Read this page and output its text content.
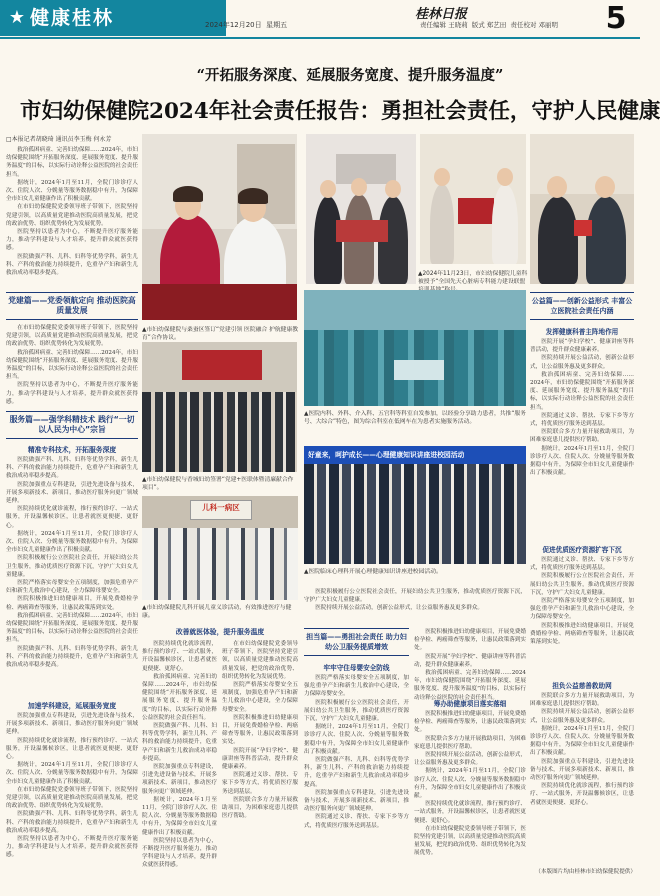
★ 健康桂林	2024年12月20日 星期五
桂林日报
责任编辑 王晓莉 版式 郑艺田 责任校对 邓丽明 5
“开拓服务深度、延展服务宽度、提升服务温度”
市妇幼保健院2024年社会责任报告：勇担社会责任，守护人民健康
▲市妇幼保健院与桑蚕区签订“党建引领 医院融合 护航健康教育”合作协议。
▲2024年11月23日，市妇幼保健院儿童科被授予“全国先天心脏病专科能力建设联盟
□本报记者胡晓琦 通讯员李玉梅 何永芳

救治孤困病童、完善妇幼保障……2024年，市妇幼保健院围绕“开拓服务深度、延展服务宽度、提升服务温度”的目标，以实际行动诠释公益医院的社会责任担当。

据统计，2024年1月至11月，全院门诊诊疗人次、住院人次、分娩量等服务数据稳中有升，为保障全市妇女儿童健康作出了积极贡献。

在市妇幼保健院党委领导班子带领下，医院坚持党建引领，以高质量党建推动医院高质量发展，把党的政治优势、组织优势转化为发展优势。

医院坚持以患者为中心，不断提升医疗服务能力，推动学科建设与人才培养，提升群众就医获得感。

医院做强产科、儿科、妇科等优势学科，新生儿科、产科的救治能力持续提升，危重孕产妇和新生儿救治成功率稳步提高。

党建篇——党委领航定向 推动医院高质量发展

在市妇幼保健院党委领导班子带领下，医院坚持党建引领，以高质量党建推动医院高质量发展，把党的政治优势、组织优势转化为发展优势。

救治孤困病童、完善妇幼保障……2024年，市妇幼保健院围绕“开拓服务深度、延展服务宽度、提升服务温度”的目标，以实际行动诠释公益医院的社会责任担当。

医院坚持以患者为中心，不断提升医疗服务能力，推动学科建设与人才培养，提升群众就医获得感。

服务篇——强学科精技术 践行“一切以人民为中心”宗旨
精准专科技术，开拓服务深度

医院做强产科、儿科、妇科等优势学科，新生儿科、产科的救治能力持续提升，危重孕产妇和新生儿救治成功率稳步提高。

医院加强重点专科建设，引进先进设备与技术，开展多项新技术、新项目，推动医疗服务向更广领域延伸。

医院持续优化就诊流程，推行预约诊疗、一站式服务，开设温馨候诊区，让患者就医更便捷、更舒心。

据统计，2024年1月至11月，全院门诊诊疗人次、住院人次、分娩量等服务数据稳中有升，为保障全市妇女儿童健康作出了积极贡献。

医院积极履行公立医院社会责任，开展妇幼公共卫生服务，推动优质医疗资源下沉，守护广大妇女儿童健康。

医院严格落实母婴安全五项制度，加强危重孕产妇和新生儿救治中心建设，全力保障母婴安全。

医院积极推进妇幼健康项目，开展免费婚检孕检、两癌筛查等服务，让惠民政策落到实处。

救治孤困病童、完善妇幼保障……2024年，市妇幼保健院围绕“开拓服务深度、延展服务宽度、提升服务温度”的目标，以实际行动诠释公益医院的社会责任担当。

医院做强产科、儿科、妇科等优势学科，新生儿科、产科的救治能力持续提升，危重孕产妇和新生儿救治成功率稳步提高。

加速学科建设，延展服务宽度

医院加强重点专科建设，引进先进设备与技术，开展多项新技术、新项目，推动医疗服务向更广领域延伸。

医院持续优化就诊流程，推行预约诊疗、一站式服务，开设温馨候诊区，让患者就医更便捷、更舒心。

据统计，2024年1月至11月，全院门诊诊疗人次、住院人次、分娩量等服务数据稳中有升，为保障全市妇女儿童健康作出了积极贡献。

在市妇幼保健院党委领导班子带领下，医院坚持党建引领，以高质量党建推动医院高质量发展，把党的政治优势、组织优势转化为发展优势。

医院做强产科、儿科、妇科等优势学科，新生儿科、产科的救治能力持续提升，危重孕产妇和新生儿救治成功率稳步提高。

医院坚持以患者为中心，不断提升医疗服务能力，推动学科建设与人才培养，提升群众就医获得感。

▲市妇幼保健院与香城妇幼签署“党建+医联体暨清廉献合作项目”。
▲医院内科、外科、介入科、五官科等科室自发参加，以经验分享助力患者，共推“服务号、大综合”特色，图为综合科室在低网车在为患者实施服务活动。
好童来，呵护成长——心理健康知识讲座进校园活动
▲医院临床心理科开展心理健康知识讲座进校园活动。
儿科一病区
▲市妇幼保健院儿科开展儿童义诊活动，有效推进医疗与健康。
公益篇——创新公益形式 丰富公立医院社会责任内涵
发挥健康科普主阵地作用

医院开展“孕妇学校”、健康讲座等科普活动，提升群众健康素养。

医院持续开展公益活动，创新公益形式，让公益服务惠及更多群众。

救治孤困病童、完善妇幼保障……2024年，市妇幼保健院围绕“开拓服务深度、延展服务宽度、提升服务温度”的目标，以实际行动诠释公益医院的社会责任担当。

医院通过义诊、帮扶、专家下乡等方式，将优质医疗服务送到基层。

医院联合多方力量开展救助项目，为困难家庭患儿提供医疗帮助。

据统计，2024年1月至11月，全院门诊诊疗人次、住院人次、分娩量等服务数据稳中有升，为保障全市妇女儿童健康作出了积极贡献。

促进优质医疗资源扩容下沉

医院通过义诊、帮扶、专家下乡等方式，将优质医疗服务送到基层。

医院积极履行公立医院社会责任，开展妇幼公共卫生服务，推动优质医疗资源下沉，守护广大妇女儿童健康。

医院严格落实母婴安全五项制度，加强危重孕产妇和新生儿救治中心建设，全力保障母婴安全。

医院积极推进妇幼健康项目，开展免费婚检孕检、两癌筛查等服务，让惠民政策落到实处。

担负公益慈善救助网

医院联合多方力量开展救助项目，为困难家庭患儿提供医疗帮助。

医院持续开展公益活动，创新公益形式，让公益服务惠及更多群众。

据统计，2024年1月至11月，全院门诊诊疗人次、住院人次、分娩量等服务数据稳中有升，为保障全市妇女儿童健康作出了积极贡献。

医院加强重点专科建设，引进先进设备与技术，开展多项新技术、新项目，推动医疗服务向更广领域延伸。

医院持续优化就诊流程，推行预约诊疗、一站式服务，开设温馨候诊区，让患者就医更便捷、更舒心。

（本版图片均由桂林市妇幼保健院提供）
改善就医体验，提升服务温度

医院持续优化就诊流程，推行预约诊疗、一站式服务，开设温馨候诊区，让患者就医更便捷、更舒心。

救治孤困病童、完善妇幼保障……2024年，市妇幼保健院围绕“开拓服务深度、延展服务宽度、提升服务温度”的目标，以实际行动诠释公益医院的社会责任担当。

医院做强产科、儿科、妇科等优势学科，新生儿科、产科的救治能力持续提升，危重孕产妇和新生儿救治成功率稳步提高。

医院加强重点专科建设，引进先进设备与技术，开展多项新技术、新项目，推动医疗服务向更广领域延伸。

据统计，2024年1月至11月，全院门诊诊疗人次、住院人次、分娩量等服务数据稳中有升，为保障全市妇女儿童健康作出了积极贡献。

医院坚持以患者为中心，不断提升医疗服务能力，推动学科建设与人才培养，提升群众就医获得感。

在市妇幼保健院党委领导班子带领下，医院坚持党建引领，以高质量党建推动医院高质量发展，把党的政治优势、组织优势转化为发展优势。

医院严格落实母婴安全五项制度，加强危重孕产妇和新生儿救治中心建设，全力保障母婴安全。

医院积极推进妇幼健康项目，开展免费婚检孕检、两癌筛查等服务，让惠民政策落到实处。

医院开展“孕妇学校”、健康讲座等科普活动，提升群众健康素养。

医院通过义诊、帮扶、专家下乡等方式，将优质医疗服务送到基层。

医院联合多方力量开展救助项目，为困难家庭患儿提供医疗帮助。

医院积极履行公立医院社会责任，开展妇幼公共卫生服务，推动优质医疗资源下沉，守护广大妇女儿童健康。

医院持续开展公益活动，创新公益形式，让公益服务惠及更多群众。

担当篇——勇担社会责任 助力妇幼公卫服务提质增效
牢牢守住母婴安全防线

医院严格落实母婴安全五项制度，加强危重孕产妇和新生儿救治中心建设，全力保障母婴安全。

医院积极履行公立医院社会责任，开展妇幼公共卫生服务，推动优质医疗资源下沉，守护广大妇女儿童健康。

据统计，2024年1月至11月，全院门诊诊疗人次、住院人次、分娩量等服务数据稳中有升，为保障全市妇女儿童健康作出了积极贡献。

医院做强产科、儿科、妇科等优势学科，新生儿科、产科的救治能力持续提升，危重孕产妇和新生儿救治成功率稳步提高。

医院加强重点专科建设，引进先进设备与技术，开展多项新技术、新项目，推动医疗服务向更广领域延伸。

医院通过义诊、帮扶、专家下乡等方式，将优质医疗服务送到基层。

医院积极推进妇幼健康项目，开展免费婚检孕检、两癌筛查等服务，让惠民政策落到实处。

医院开展“孕妇学校”、健康讲座等科普活动，提升群众健康素养。

救治孤困病童、完善妇幼保障……2024年，市妇幼保健院围绕“开拓服务深度、延展服务宽度、提升服务温度”的目标，以实际行动诠释公益医院的社会责任担当。

筹办助健康项目落实落细

医院积极推进妇幼健康项目，开展免费婚检孕检、两癌筛查等服务，让惠民政策落到实处。

医院联合多方力量开展救助项目，为困难家庭患儿提供医疗帮助。

医院持续开展公益活动，创新公益形式，让公益服务惠及更多群众。

据统计，2024年1月至11月，全院门诊诊疗人次、住院人次、分娩量等服务数据稳中有升，为保障全市妇女儿童健康作出了积极贡献。

医院持续优化就诊流程，推行预约诊疗、一站式服务，开设温馨候诊区，让患者就医更便捷、更舒心。

在市妇幼保健院党委领导班子带领下，医院坚持党建引领，以高质量党建推动医院高质量发展，把党的政治优势、组织优势转化为发展优势。
